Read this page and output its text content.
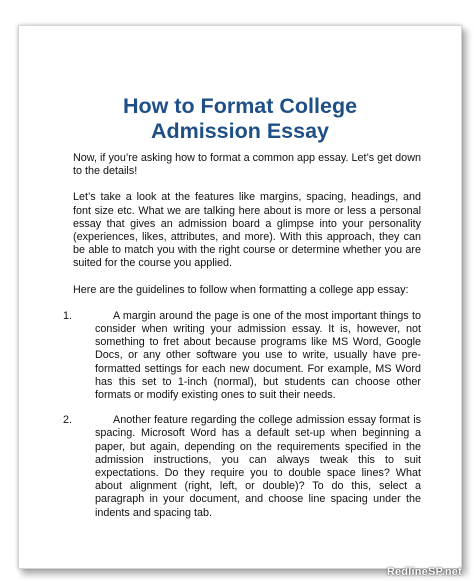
How to Format College
Admission Essay

Now, if you’re asking how to format a common app essay. Let’s get down to the details!

Let’s take a look at the features like margins, spacing, headings, and font size etc. What we are talking here about is more or less a personal essay that gives an admission board a glimpse into your personality (experiences, likes, attributes, and more). With this approach, they can be able to match you with the right course or determine whether you are suited for the course you applied.

Here are the guidelines to follow when formatting a college app essay:

1.	A margin around the page is one of the most important things to consider when writing your admission essay. It is, however, not something to fret about because programs like MS Word, Google Docs, or any other software you use to write, usually have pre-formatted settings for each new document. For example, MS Word has this set to 1-inch (normal), but students can choose other formats or modify existing ones to suit their needs.

2.	Another feature regarding the college admission essay format is spacing. Microsoft Word has a default set-up when beginning a paper, but again, depending on the requirements specified in the admission instructions, you can always tweak this to suit expectations. Do they require you to double space lines? What about alignment (right, left, or double)? To do this, select a paragraph in your document, and choose line spacing under the indents and spacing tab.

RedlineSP.net
